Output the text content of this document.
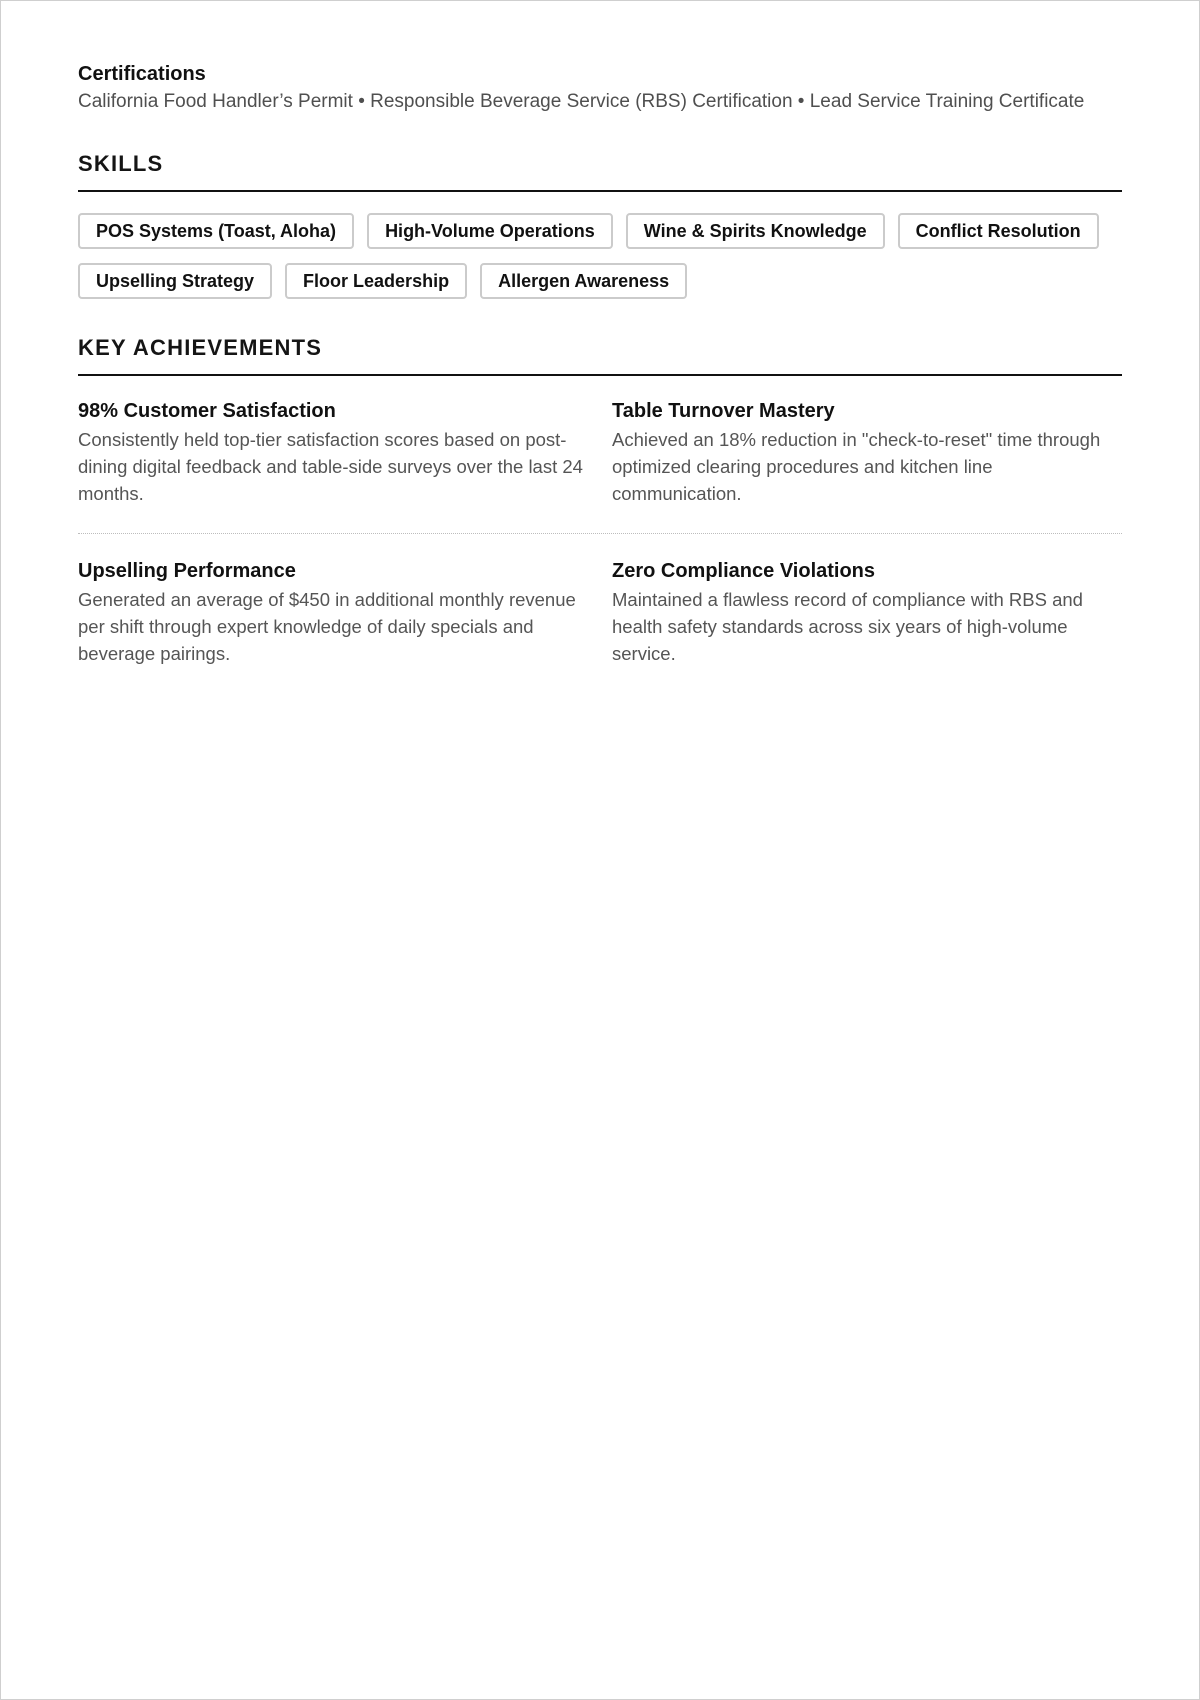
Certifications

California Food Handler’s Permit • Responsible Beverage Service (RBS) Certification • Lead Service Training Certificate

SKILLS
POS Systems (Toast, Aloha)	High-Volume Operations	Wine & Spirits Knowledge	Conflict Resolution
Upselling Strategy	Floor Leadership	Allergen Awareness
KEY ACHIEVEMENTS
98% Customer Satisfaction

Consistently held top-tier satisfaction scores based on post-dining digital feedback and table-side surveys over the last 24 months.

Table Turnover Mastery

Achieved an 18% reduction in "check-to-reset" time through optimized clearing procedures and kitchen line communication.

Upselling Performance

Generated an average of $450 in additional monthly revenue per shift through expert knowledge of daily specials and beverage pairings.

Zero Compliance Violations

Maintained a flawless record of compliance with RBS and health safety standards across six years of high-volume service.
